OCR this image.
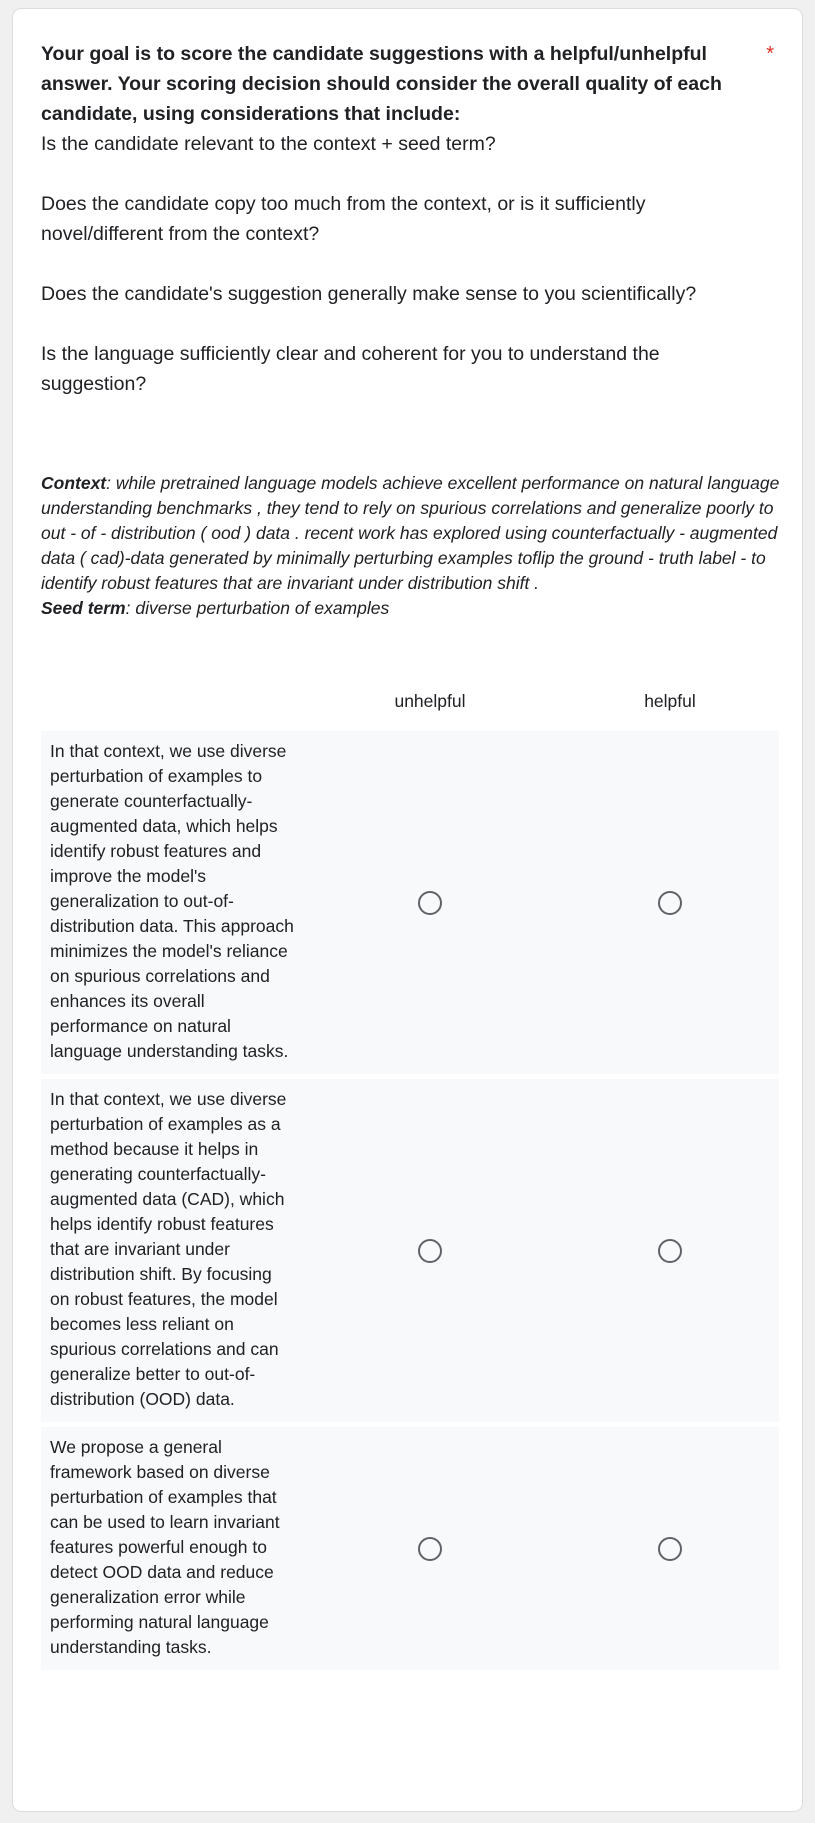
Your goal is to score the candidate suggestions with a helpful/unhelpful answer. Your scoring decision should consider the overall quality of each candidate, using considerations that include:

*
Is the candidate relevant to the context + seed term?
Does the candidate copy too much from the context, or is it sufficiently novel/different from the context?
Does the candidate's suggestion generally make sense to you scientifically?
Is the language sufficiently clear and coherent for you to understand the suggestion?

Context: while pretrained language models achieve excellent performance on natural language understanding benchmarks , they tend to rely on spurious correlations and generalize poorly to out - of - distribution ( ood ) data . recent work has explored using counterfactually - augmented data ( cad)-data generated by minimally perturbing examples toflip the ground - truth label - to identify robust features that are invariant under distribution shift .

Seed term: diverse perturbation of examples

unhelpful	helpful
In that context, we use diverse perturbation of examples to generate counterfactually-augmented data, which helps identify robust features and improve the model's generalization to out-of-distribution data. This approach minimizes the model's reliance on spurious correlations and enhances its overall performance on natural language understanding tasks.
In that context, we use diverse perturbation of examples as a method because it helps in generating counterfactually-augmented data (CAD), which helps identify robust features that are invariant under distribution shift. By focusing on robust features, the model becomes less reliant on spurious correlations and can generalize better to out-of-distribution (OOD) data.
We propose a general framework based on diverse perturbation of examples that can be used to learn invariant features powerful enough to detect OOD data and reduce generalization error while performing natural language understanding tasks.
